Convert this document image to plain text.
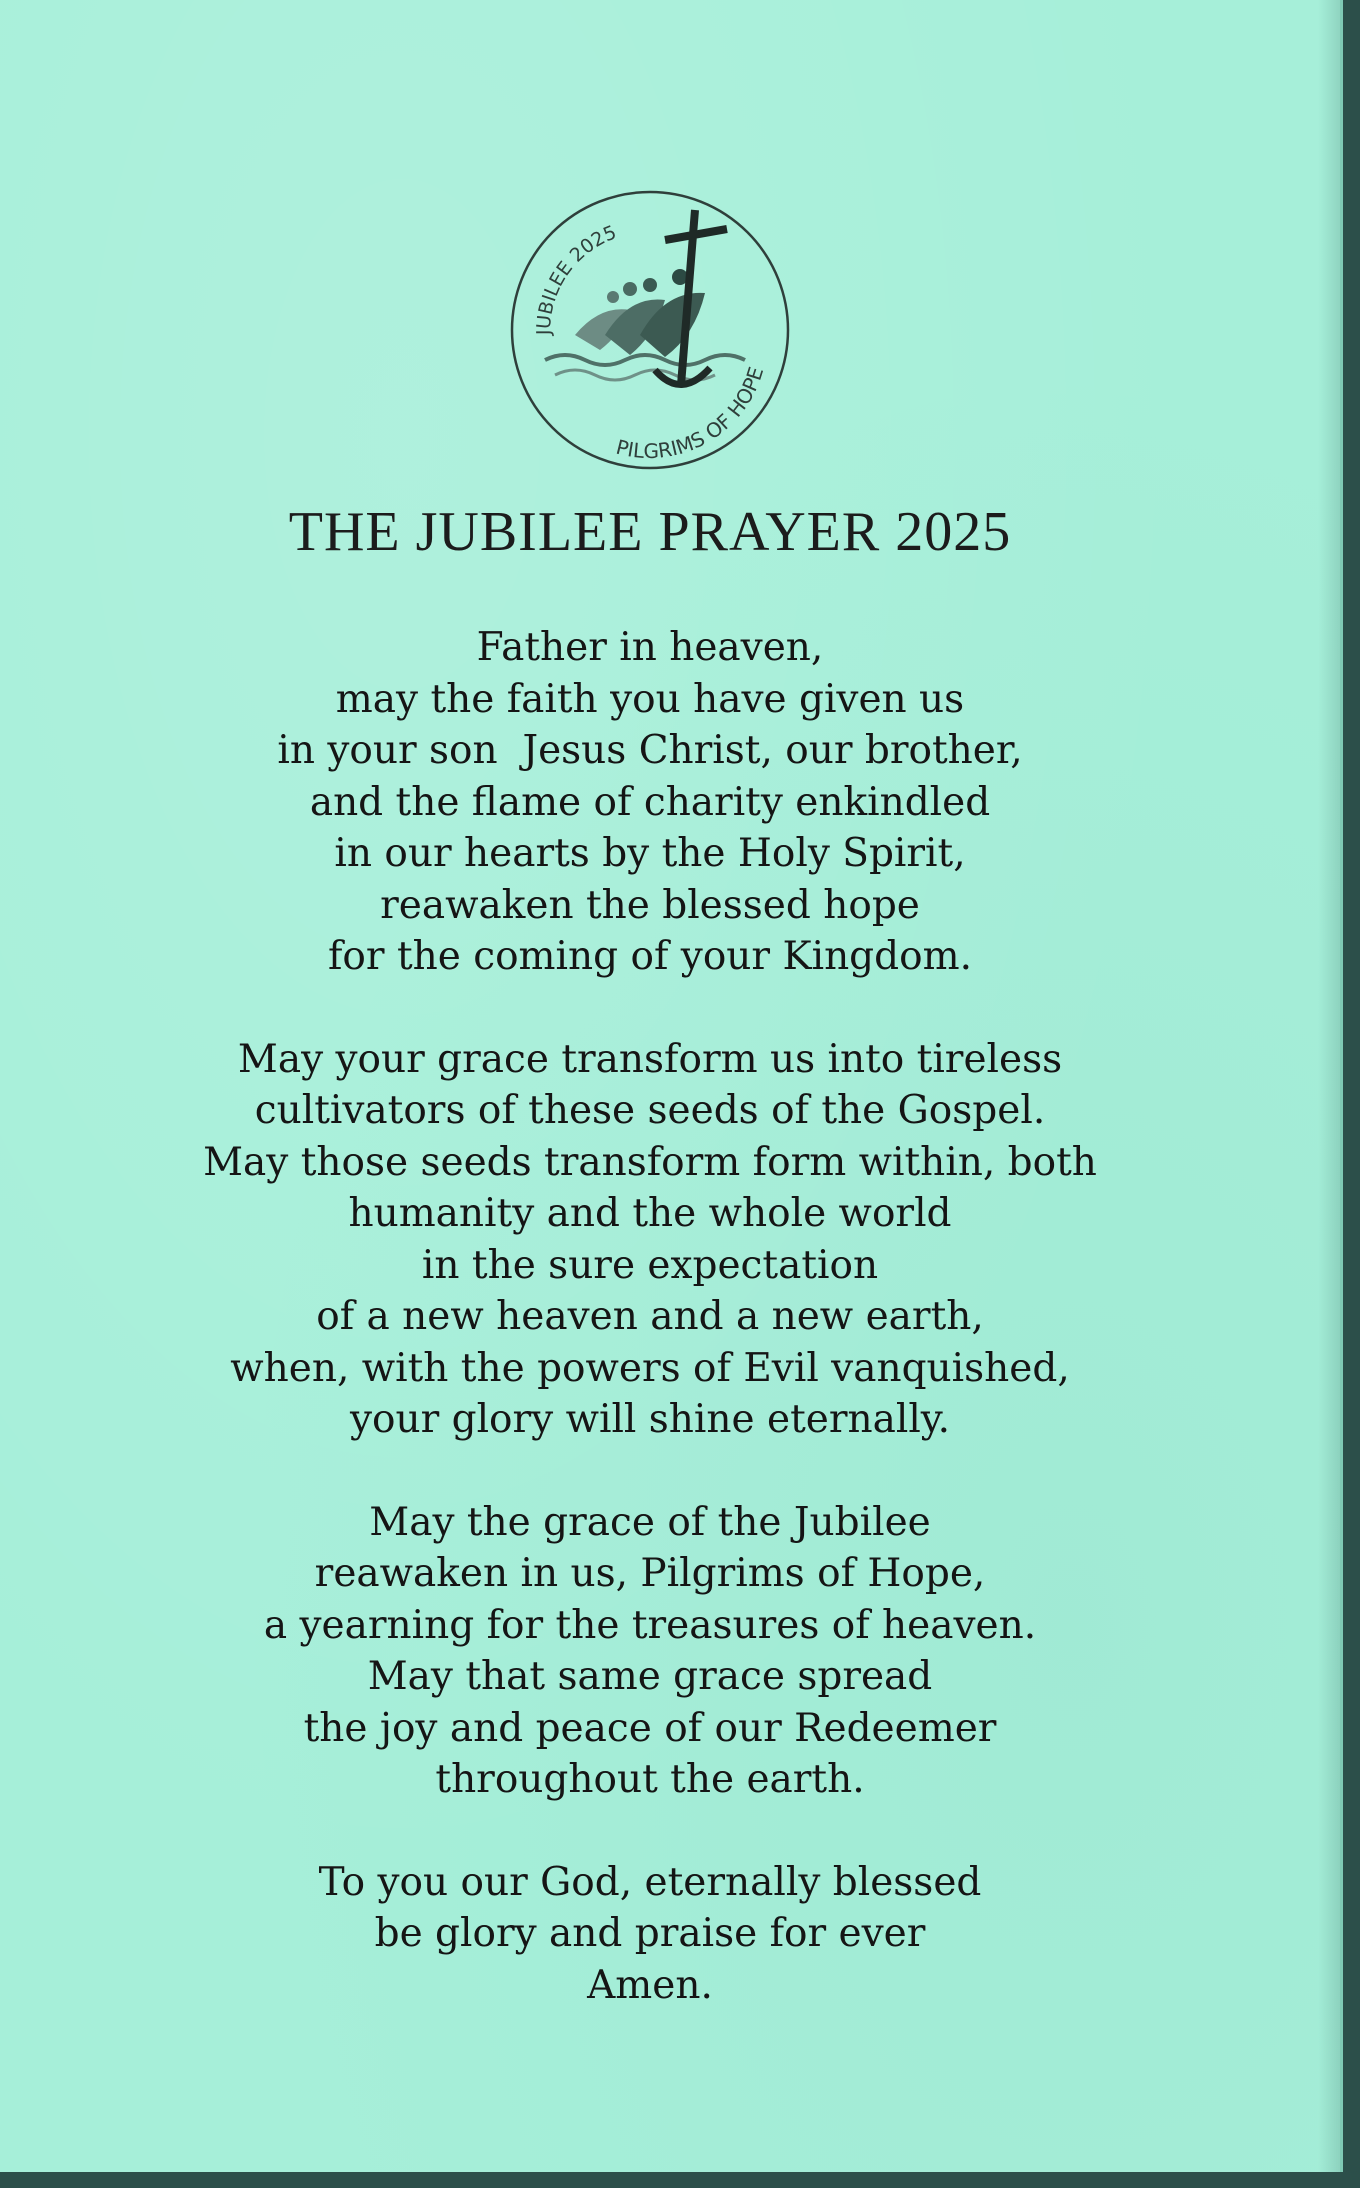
JUBILEE 2025
PILGRIMS OF HOPE
THE JUBILEE PRAYER 2025

Father in heaven,
may the faith you have given us
in your son  Jesus Christ, our brother,
and the flame of charity enkindled
in our hearts by the Holy Spirit,
reawaken the blessed hope
for the coming of your Kingdom.

May your grace transform us into tireless
cultivators of these seeds of the Gospel.
May those seeds transform form within, both
humanity and the whole world
in the sure expectation
of a new heaven and a new earth,
when, with the powers of Evil vanquished,
your glory will shine eternally.

May the grace of the Jubilee
reawaken in us, Pilgrims of Hope,
a yearning for the treasures of heaven.
May that same grace spread
the joy and peace of our Redeemer
throughout the earth.

To you our God, eternally blessed
be glory and praise for ever
Amen.
